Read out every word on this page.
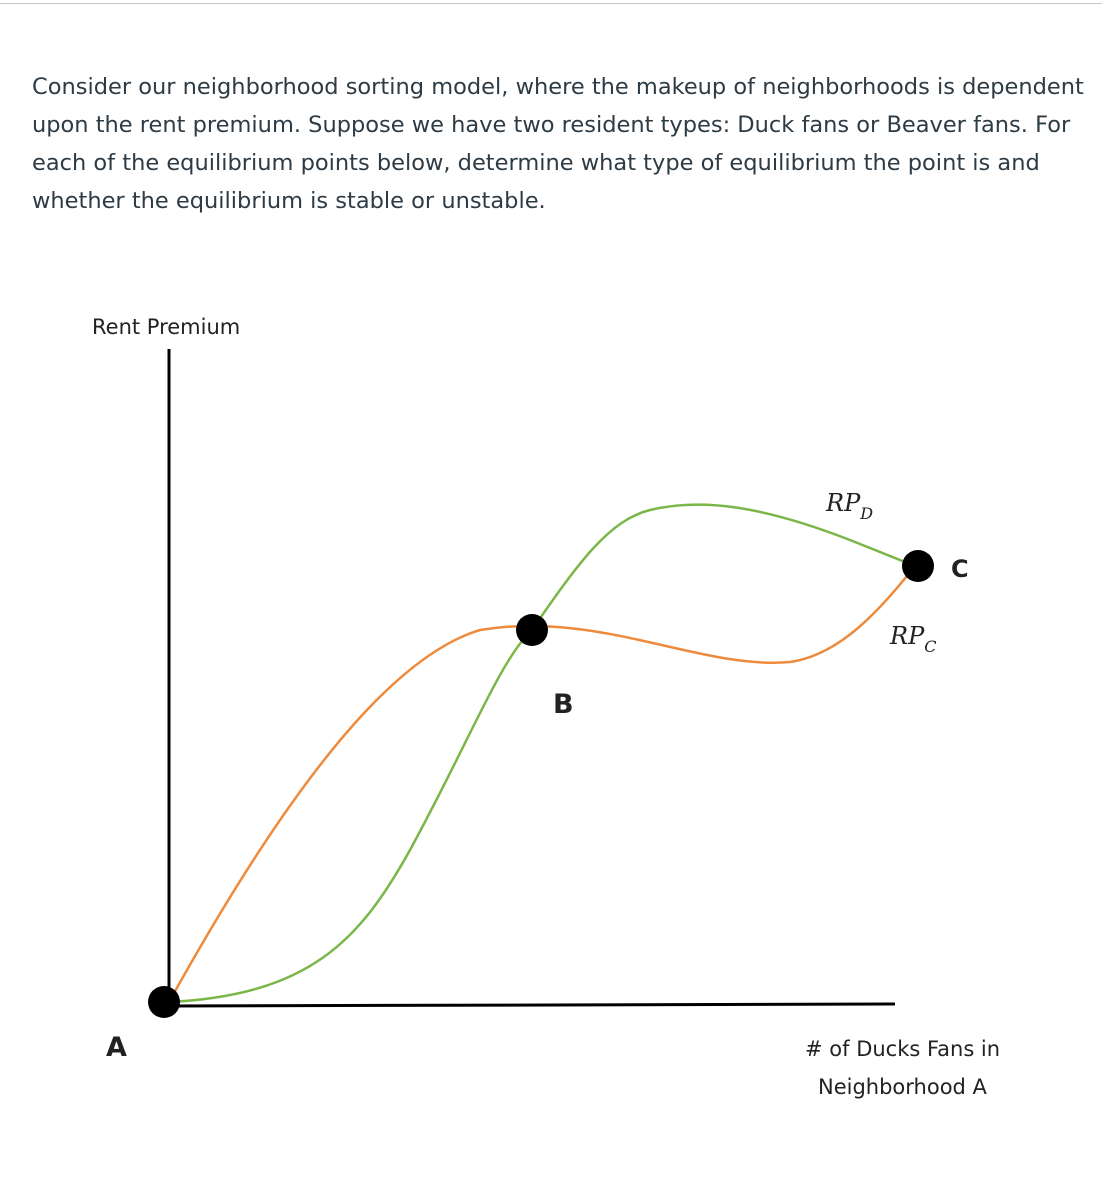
Consider our neighborhood sorting model, where the makeup of neighborhoods is dependent upon the rent premium. Suppose we have two resident types: Duck fans or Beaver fans. For each of the equilibrium points below, determine what type of equilibrium the point is and whether the equilibrium is stable or unstable.

Rent Premium
A
B
C
$RP_D$
$RP_C$
# of Ducks Fans in
Neighborhood A
